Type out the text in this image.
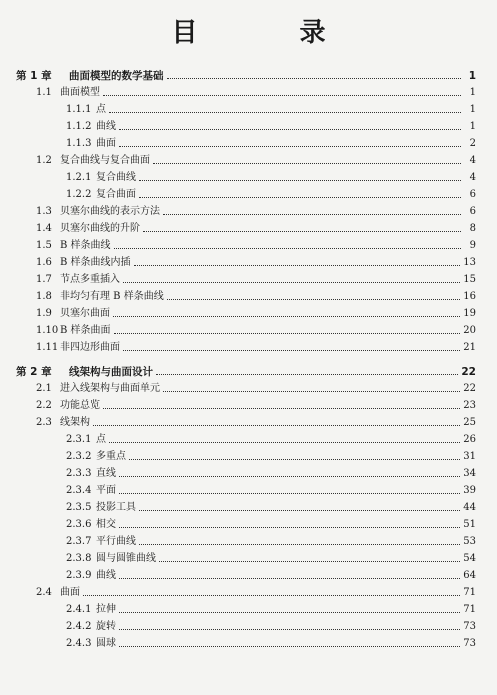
目　录
第 1 章	曲面模型的数学基础	1
1.1 曲面模型	1
1.1.1 点	1
1.1.2 曲线	1
1.1.3 曲面	2
1.2 复合曲线与复合曲面	4
1.2.1 复合曲线	4
1.2.2 复合曲面	6
1.3 贝塞尔曲线的表示方法	6
1.4 贝塞尔曲线的升阶	8
1.5 B 样条曲线	9
1.6 B 样条曲线内插	13
1.7 节点多重插入	15
1.8 非均匀有理 B 样条曲线	16
1.9 贝塞尔曲面	19
1.10 B 样条曲面	20
1.11 非四边形曲面	21
第 2 章	线架构与曲面设计	22
2.1 进入线架构与曲面单元	22
2.2 功能总览	23
2.3 线架构	25
2.3.1 点	26
2.3.2 多重点	31
2.3.3 直线	34
2.3.4 平面	39
2.3.5 投影工具	44
2.3.6 相交	51
2.3.7 平行曲线	53
2.3.8 圆与圆锥曲线	54
2.3.9 曲线	64
2.4 曲面	71
2.4.1 拉伸	71
2.4.2 旋转	73
2.4.3 圆球	73
